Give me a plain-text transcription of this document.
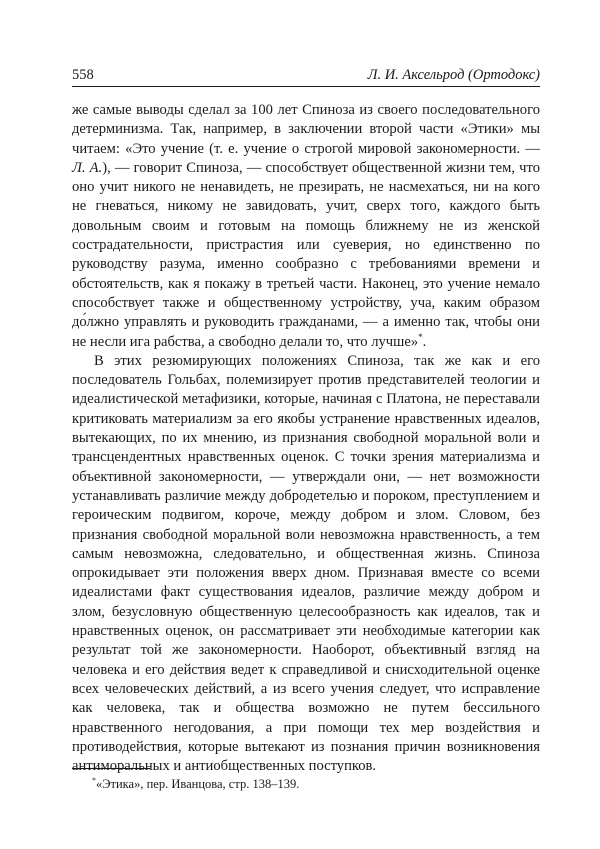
558	Л. И. Аксельрод (Ортодокс)

же самые выводы сделал за 100 лет Спиноза из своего последовательного детерминизма. Так, например, в заключении второй части «Этики» мы читаем: «Это учение (т. е. учение о строгой мировой закономерности. — Л. А.), — говорит Спиноза, — способствует общественной жизни тем, что оно учит никого не ненавидеть, не презирать, не насмехаться, ни на кого не гневаться, никому не завидовать, учит, сверх того, каждого быть довольным своим и готовым на помощь ближнему не из женской сострадательности, пристрастия или суеверия, но единственно по руководству разума, именно сообразно с требованиями времени и обстоятельств, как я покажу в третьей части. Наконец, это учение немало способствует также и общественному устройству, уча, каким образом до́лжно управлять и руководить гражданами, — а именно так, чтобы они не несли ига рабства, а свободно делали то, что лучше»*.

В этих резюмирующих положениях Спиноза, так же как и его последователь Гольбах, полемизирует против представителей теологии и идеалистической метафизики, которые, начиная с Платона, не переставали критиковать материализм за его якобы устранение нравственных идеалов, вытекающих, по их мнению, из признания свободной моральной воли и трансцендентных нравственных оценок. С точки зрения материализма и объективной закономерности, — утверждали они, — нет возможности устанавливать различие между добродетелью и пороком, преступлением и героическим подвигом, короче, между добром и злом. Словом, без признания свободной моральной воли невозможна нравственность, а тем самым невозможна, следовательно, и общественная жизнь. Спиноза опрокидывает эти положения вверх дном. Признавая вместе со всеми идеалистами факт существования идеалов, различие между добром и злом, безусловную общественную целесообразность как идеалов, так и нравственных оценок, он рассматривает эти необходимые категории как результат той же закономерности. Наоборот, объективный взгляд на человека и его действия ведет к справедливой и снисходительной оценке всех человеческих действий, а из всего учения следует, что исправление как человека, так и общества возможно не путем бессильного нравственного негодования, а при помощи тех мер воздействия и противодействия, которые вытекают из познания причин возникновения антиморальных и антиобщественных поступков.

*«Этика», пер. Иванцова, стр. 138–139.
